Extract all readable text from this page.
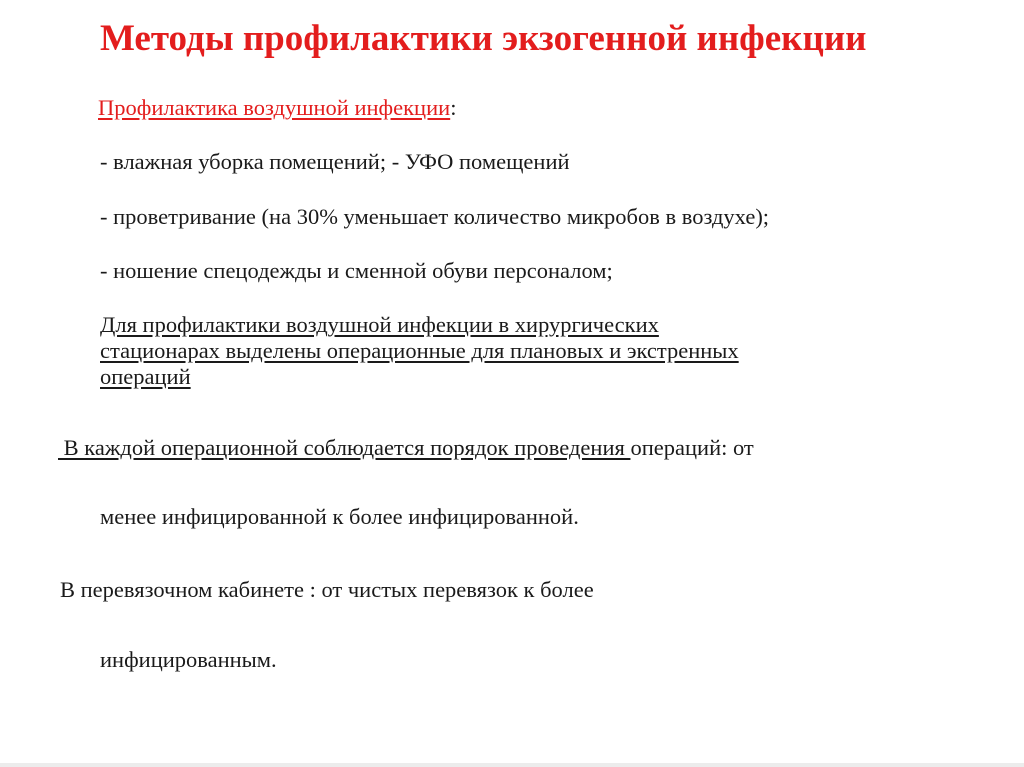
Методы профилактики экзогенной инфекции
Профилактика воздушной инфекции:
- влажная уборка помещений; - УФО помещений
- проветривание (на 30% уменьшает количество микробов в воздухе);
- ношение спецодежды и сменной обуви персоналом;
Для профилактики воздушной инфекции в хирургических
стационарах выделены операционные для плановых и экстренных
операций
В каждой операционной соблюдается порядок проведения операций: от
менее инфицированной к более инфицированной.
В перевязочном кабинете : от чистых перевязок к более
инфицированным.
